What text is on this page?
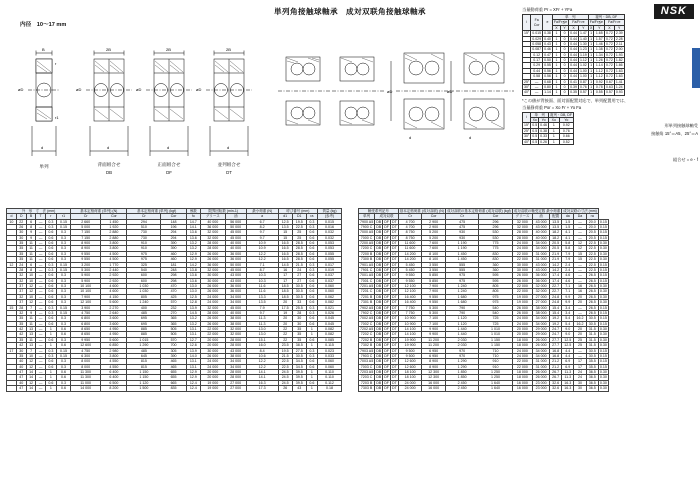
単列角接触球軸承　成対双联角接触球軸承
内径　10～17 mm
NSK
B	2B	2B	2B
øD	øD	øD	øD
d	d	d	d
r
r1
単列	背面組合せ
DB
正面組合せ
DF
並列組合せ
DT
øD	øD
d	d
当量動荷重 Pr = XFr + YFa
i	Fa
Cor	e	単　列				複列・DB, DF			
			Fa/Fr≦e		Fa/Fr>e		Fa/Fr≦e		Fa/Fr>e	
			X	Y	X	Y	X	Y	X	Y
15°	0.015	0.38	1	0	0.44	1.47	1	1.65	0.72	2.39
	0.029	0.40	1	0	0.44	1.40	1	1.57	0.72	2.28
	0.058	0.43	1	0	0.44	1.30	1	1.46	0.72	2.11
	0.087	0.46	1	0	0.44	1.23	1	1.38	0.72	2.00
	0.12	0.47	1	0	0.44	1.19	1	1.34	0.72	1.93
	0.17	0.50	1	0	0.44	1.12	1	1.26	0.72	1.82
	0.29	0.55	1	0	0.44	1.02	1	1.14	0.72	1.66
	0.44	0.56	1	0	0.44	1.00	1	1.12	0.72	1.63
	0.58	0.56	1	0	0.44	1.00	1	1.12	0.72	1.63
25°	—	0.68	1	0	0.41	0.87	1	0.92	0.67	1.41
30°	—	0.80	1	0	0.39	0.76	1	0.78	0.63	1.24
40°	—	1.14	1	0	0.35	0.57	1	0.55	0.57	0.93
*この値が背接面、面対面配置対応で、単列配置用では、
当量静荷重 Por = Xo Fr + Yo Fa
i	単　列		複列・DB, DF	
	Xo	Yo	Xo	Yo
15°	0.5	0.46	1	0.92
25°	0.5	0.38	1	0.76
30°	0.5	0.33	1	0.66
40°	0.5	0.26	1	0.52
形単列接触球軸受
接触角 15°＝A5、25°＝A
組合せ = e・f
外　形　寸　法 (mm)						基本定格荷重 (単列) (N)		基本定格荷重 (単列) (kgf)		係数	限界回転数 (min-1)		最小荷重 (N)	呼び番号 (mm)			質量 (kg)
d	D	B	T	r	r1	Cr	Cor	Cr	Cor	fo	グリース	油	a	d1	D1	ra	(参考)
10	22	6	—	0.3	0.15	2 660	1 450	294	148	14.7	40 000	56 000	6.7	12.5	19.5	0.3	0.015
	26	8	—	0.3	0.15	5 000	1 920	510	196	14.1	36 000	50 000	8.2	13.5	22.5	0.3	0.016
	30	9	—	0.6	0.3	7 150	2 880	730	294	13.6	32 000	45 000	9.7	15	25	0.6	0.032
	30	9	—	0.6	0.3	7 150	2 880	730	294	13.6	32 000	45 000	9.7	15	25	0.6	0.032
	35	11	—	0.6	0.3	8 900	3 800	910	390	13.2	28 000	40 000	10.9	16.5	28.5	0.6	0.053
	35	11	—	0.6	0.3	8 900	3 800	910	390	13.2	28 000	40 000	10.9	16.5	28.5	0.6	0.053
	35	11	—	0.6	0.3	9 550	4 500	975	460	12.9	26 000	36 000	12.2	16.5	28.5	0.6	0.055
	35	11	—	0.6	0.3	9 550	4 500	975	460	12.9	26 000	36 000	12.2	16.5	28.5	0.6	0.055
12	24	6	—	0.3	0.15	3 200	1 770	325	181	14.2	36 000	50 000	7.1	14.5	21.5	0.3	0.017
	28	8	—	0.3	0.15	5 300	2 440	540	248	13.8	32 000	45 000	8.7	16	24	0.3	0.019
	32	10	—	0.6	0.3	5 900	2 920	600	298	13.6	30 000	43 000	10.3	17	27	0.6	0.037
	32	10	—	0.6	0.3	5 900	2 920	600	298	13.6	30 000	43 000	10.3	17	27	0.6	0.037
	37	12	—	0.6	0.3	10 100	4 600	1 030	470	13.0	26 000	36 000	11.6	18.5	30.5	0.6	0.060
	37	12	—	0.6	0.3	10 100	4 600	1 030	470	13.0	26 000	36 000	11.6	18.5	30.5	0.6	0.060
	32	10	—	0.6	0.3	7 900	4 150	805	425	12.5	24 000	34 000	13.3	18.5	30.5	0.6	0.062
	37	12	—	0.6	0.3	12 100	5 600	1 240	570	12.8	24 000	34 000	13.5	20	33	0.6	0.082
15	28	7	—	0.3	0.15	3 900	2 270	400	232	13.9	32 000	45 000	7.9	17.5	25.5	0.3	0.021
	32	9	—	0.3	0.15	4 750	2 640	485	270	14.5	28 000	40 000	9.7	19	28	0.3	0.026
	35	11	—	0.6	0.3	6 800	3 600	695	365	13.2	26 000	38 000	11.3	20	30	0.6	0.045
	35	11	—	0.6	0.3	6 800	3 600	695	365	13.2	26 000	38 000	11.3	20	30	0.6	0.045
	42	13	—	1	0.6	8 650	4 950	885	505	13.1	22 000	32 000	13.0	22	35	1	0.082
	42	13	—	1	0.6	8 650	4 950	885	505	13.1	22 000	32 000	13.0	22	35	1	0.082
	35	11	—	0.6	0.3	9 950	5 600	1 015	570	12.7	20 000	28 000	15.1	22	35	0.6	0.085
	42	13	—	1	0.6	12 600	6 850	1 290	700	12.6	20 000	28 000	16.0	23.5	38.5	1	0.115
17	30	7	—	0.3	0.15	4 750	2 980	485	305	13.9	30 000	43 000	8.4	19.5	27.5	0.3	0.023
	35	10	—	0.3	0.15	6 300	3 800	645	390	14.0	26 000	38 000	10.6	21.5	30.5	0.3	0.033
	40	12	—	0.6	0.3	8 000	4 550	815	465	13.1	24 000	34 000	12.2	22.5	34.5	0.6	0.060
	40	12	—	0.6	0.3	8 000	4 550	815	465	13.1	24 000	34 000	12.2	22.5	34.5	0.6	0.060
	47	14	—	1	0.6	11 300	6 400	1 150	655	12.9	20 000	28 000	14.1	24.5	39.5	1	0.110
	47	14	—	1	0.6	11 300	6 400	1 150	655	12.9	20 000	28 000	14.1	24.5	39.5	1	0.110
	40	12	—	0.6	0.3	11 000	6 500	1 120	665	12.4	19 000	27 000	16.3	24.5	39.5	0.6	0.112
	47	14	—	1	0.6	14 000	8 200	1 500	835	12.4	19 000	27 000	17.3	26	43	1	0.18
軸受系列記号				基本定格荷重 (成対双联) (N)		成対双联の基本定格荷重 (成対双联) (kgf)		成対双联の軸受定数 最小荷重			成対双联の寸法 (mm)			
単列	成対双联			Cr	Cor	Cr	Cor	グリース	油	配置	da	Da	ra	
7900 A5	DB	DF	DT	4 700	2 900	475	296	32 000	43 000	13.5	1.5	—	20.0	0.15
7900 C	DB	DF	DT	4 700	2 900	475	296	32 000	43 000	13.5	1.5	—	20.0	0.15
7000 A5	DB	DF	DT	8 750	5 200	930	530	28 000	40 000	18.2	4.1	—	20.5	0.15
7000 C	DB	DF	DT	8 750	5 200	930	530	28 000	40 000	18.2	4.1	—	20.5	0.15
7200 A5	DB	DF	DT	11 600	7 600	1 190	775	24 000	34 000	20.5	5.8	12	22.5	0.30
7200 C	DB	DF	DT	11 600	7 600	1 190	775	24 000	34 000	20.5	5.8	12	22.5	0.30
7200 B	DB	DF	DT	14 200	8 100	1 450	830	22 000	31 000	21.9	7.9	15	22.5	0.30
7300 B	DB	DF	DT	14 200	8 100	1 450	830	22 000	31 000	21.9	7.9	15	22.5	0.30
7901 A5	DB	DF	DT	5 450	3 550	555	360	30 000	43 000	14.2	2.4	—	22.5	0.15
7901 C	DB	DF	DT	5 450	3 550	555	360	30 000	43 000	14.2	2.4	—	22.5	0.15
7001 A5	DB	DF	DT	9 550	5 850	975	595	26 000	36 000	17.4	4.6	—	26.5	0.15
7001 C	DB	DF	DT	9 550	5 850	975	595	26 000	36 000	17.4	4.6	—	26.5	0.15
7201 A5	DB	DF	DT	12 100	7 900	1 240	805	22 000	32 000	22.7	7.1	16	26.5	0.30
7201 C	DB	DF	DT	12 100	7 900	1 240	805	22 000	32 000	22.7	7.1	16	26.5	0.30
7201 B	DB	DF	DT	16 400	9 550	1 680	975	19 000	27 000	24.8	9.9	20	26.5	0.30
7301 B	DB	DF	DT	16 400	9 550	1 680	975	19 000	27 000	24.8	9.9	20	26.5	0.30
7902 A5	DB	DF	DT	7 750	5 300	790	540	26 000	38 000	15.4	3.4	—	26.5	0.15
7902 C	DB	DF	DT	7 750	5 300	790	540	26 000	38 000	15.4	3.4	—	26.5	0.15
7002 A5	DB	DF	DT	10 900	7 100	1 120	725	24 000	34 000	19.2	5.4	16.2	30.5	0.15
7002 C	DB	DF	DT	10 900	7 100	1 120	725	24 000	34 000	19.2	5.4	16.2	30.5	0.15
7202 A5	DB	DF	DT	14 100	9 900	1 440	1 010	20 000	29 000	24.7	9.0	20	31.5	0.30
7202 C	DB	DF	DT	14 100	9 900	1 440	1 010	20 000	29 000	24.7	9.0	20	31.5	0.30
7202 B	DB	DF	DT	19 900	11 200	2 030	1 150	18 000	26 000	27.7	12.5	25	31.5	0.30
7302 B	DB	DF	DT	19 900	11 200	2 030	1 150	18 000	26 000	27.7	12.5	25	31.5	0.30
7903 A5	DB	DF	DT	9 500	6 950	970	710	24 000	34 000	16.8	4.4	—	30.5	0.15
7903 C	DB	DF	DT	9 500	6 950	970	710	24 000	34 000	16.8	4.4	—	30.5	0.15
7003 A5	DB	DF	DT	12 600	8 900	1 290	910	22 000	31 000	21.2	6.9	17	35.5	0.15
7003 C	DB	DF	DT	12 600	8 900	1 290	910	22 000	31 000	21.2	6.9	17	35.5	0.15
7203 A5	DB	DF	DT	18 100	12 300	1 850	1 250	18 000	26 000	26.7	11.3	24	36.5	0.30
7203 C	DB	DF	DT	18 100	12 300	1 850	1 250	18 000	26 000	26.7	11.3	24	36.5	0.30
7203 B	DB	DF	DT	24 000	16 000	2 450	1 640	16 000	23 000	32.6	16.3	30	36.5	0.30
7303 B	DB	DF	DT	24 000	16 000	2 450	1 640	16 000	23 000	32.6	16.3	30	36.5	0.30
